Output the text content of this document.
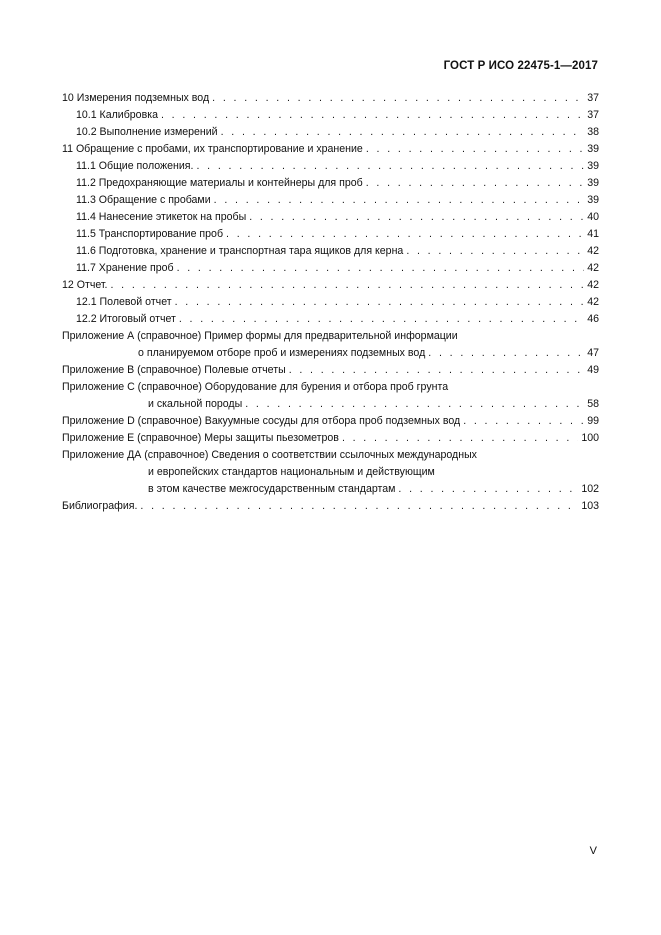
ГОСТ Р ИСО 22475-1—2017
10 Измерения подземных вод . . .	37
10.1 Калибровка . . .	37
10.2 Выполнение измерений . . .	38
11 Обращение с пробами, их транспортирование и хранение . . .	39
11.1 Общие положения. . . .	39
11.2 Предохраняющие материалы и контейнеры для проб . . .	39
11.3 Обращение с пробами . . .	39
11.4 Нанесение этикеток на пробы . . .	40
11.5 Транспортирование проб . . .	41
11.6 Подготовка, хранение и транспортная тара ящиков для керна . . .	42
11.7 Хранение проб . . .	42
12 Отчет. . . .	42
12.1 Полевой отчет . . .	42
12.2 Итоговый отчет . . .	46
Приложение А (справочное) Пример формы для предварительной информации
о планируемом отборе проб и измерениях подземных вод . . .	47
Приложение В (справочное) Полевые отчеты . . .	49
Приложение С (справочное) Оборудование для бурения и отбора проб грунта
и скальной породы . . .	58
Приложение D (справочное) Вакуумные сосуды для отбора проб подземных вод . . .	99
Приложение Е (справочное) Меры защиты пьезометров . . .	100
Приложение ДА (справочное) Сведения о соответствии ссылочных международных
и европейских стандартов национальным и действующим
в этом качестве межгосударственным стандартам . . .	102
Библиография. . . .	103
V
